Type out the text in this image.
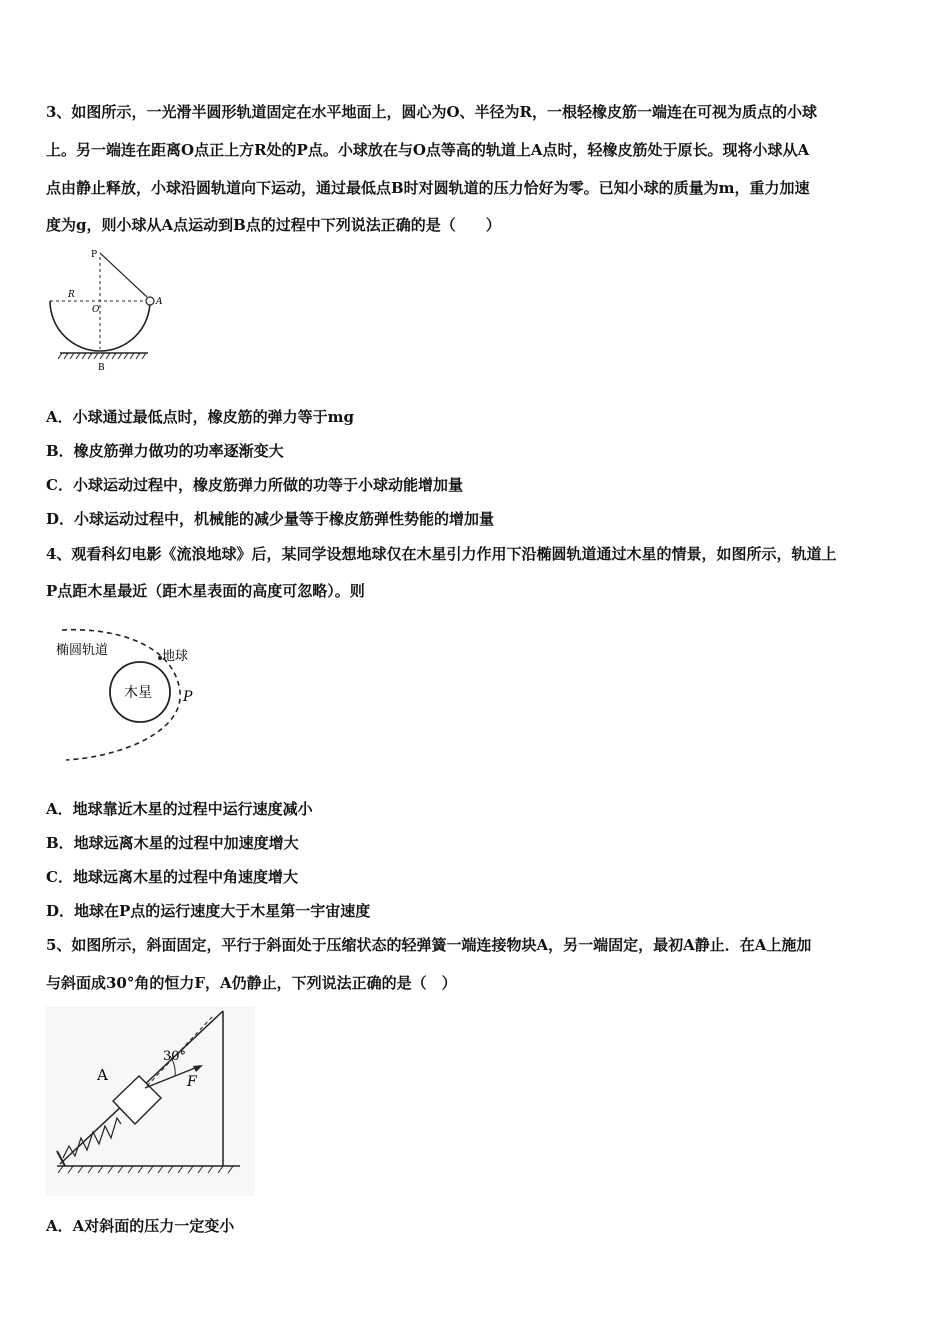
3、如图所示，一光滑半圆形轨道固定在水平地面上，圆心为O、半径为R，一根轻橡皮筋一端连在可视为质点的小球
上。另一端连在距离O点正上方R处的P点。小球放在与O点等高的轨道上A点时，轻橡皮筋处于原长。现将小球从A
点由静止释放，小球沿圆轨道向下运动，通过最低点B时对圆轨道的压力恰好为零。已知小球的质量为m，重力加速
度为g，则小球从A点运动到B点的过程中下列说法正确的是（　　）
P
R
O
A
B
A．小球通过最低点时，橡皮筋的弹力等于mg
B．橡皮筋弹力做功的功率逐渐变大
C．小球运动过程中，橡皮筋弹力所做的功等于小球动能增加量
D．小球运动过程中，机械能的减少量等于橡皮筋弹性势能的增加量
4、观看科幻电影《流浪地球》后，某同学设想地球仅在木星引力作用下沿椭圆轨道通过木星的情景，如图所示，轨道上
P点距木星最近（距木星表面的高度可忽略）。则
椭圆轨道	地球
木星 P
A．地球靠近木星的过程中运行速度减小
B．地球远离木星的过程中加速度增大
C．地球远离木星的过程中角速度增大
D．地球在P点的运行速度大于木星第一宇宙速度
5、如图所示，斜面固定，平行于斜面处于压缩状态的轻弹簧一端连接物块A，另一端固定，最初A静止．在A上施加
与斜面成30°角的恒力F，A仍静止，下列说法正确的是（　）
A
30°
F
A．A对斜面的压力一定变小
